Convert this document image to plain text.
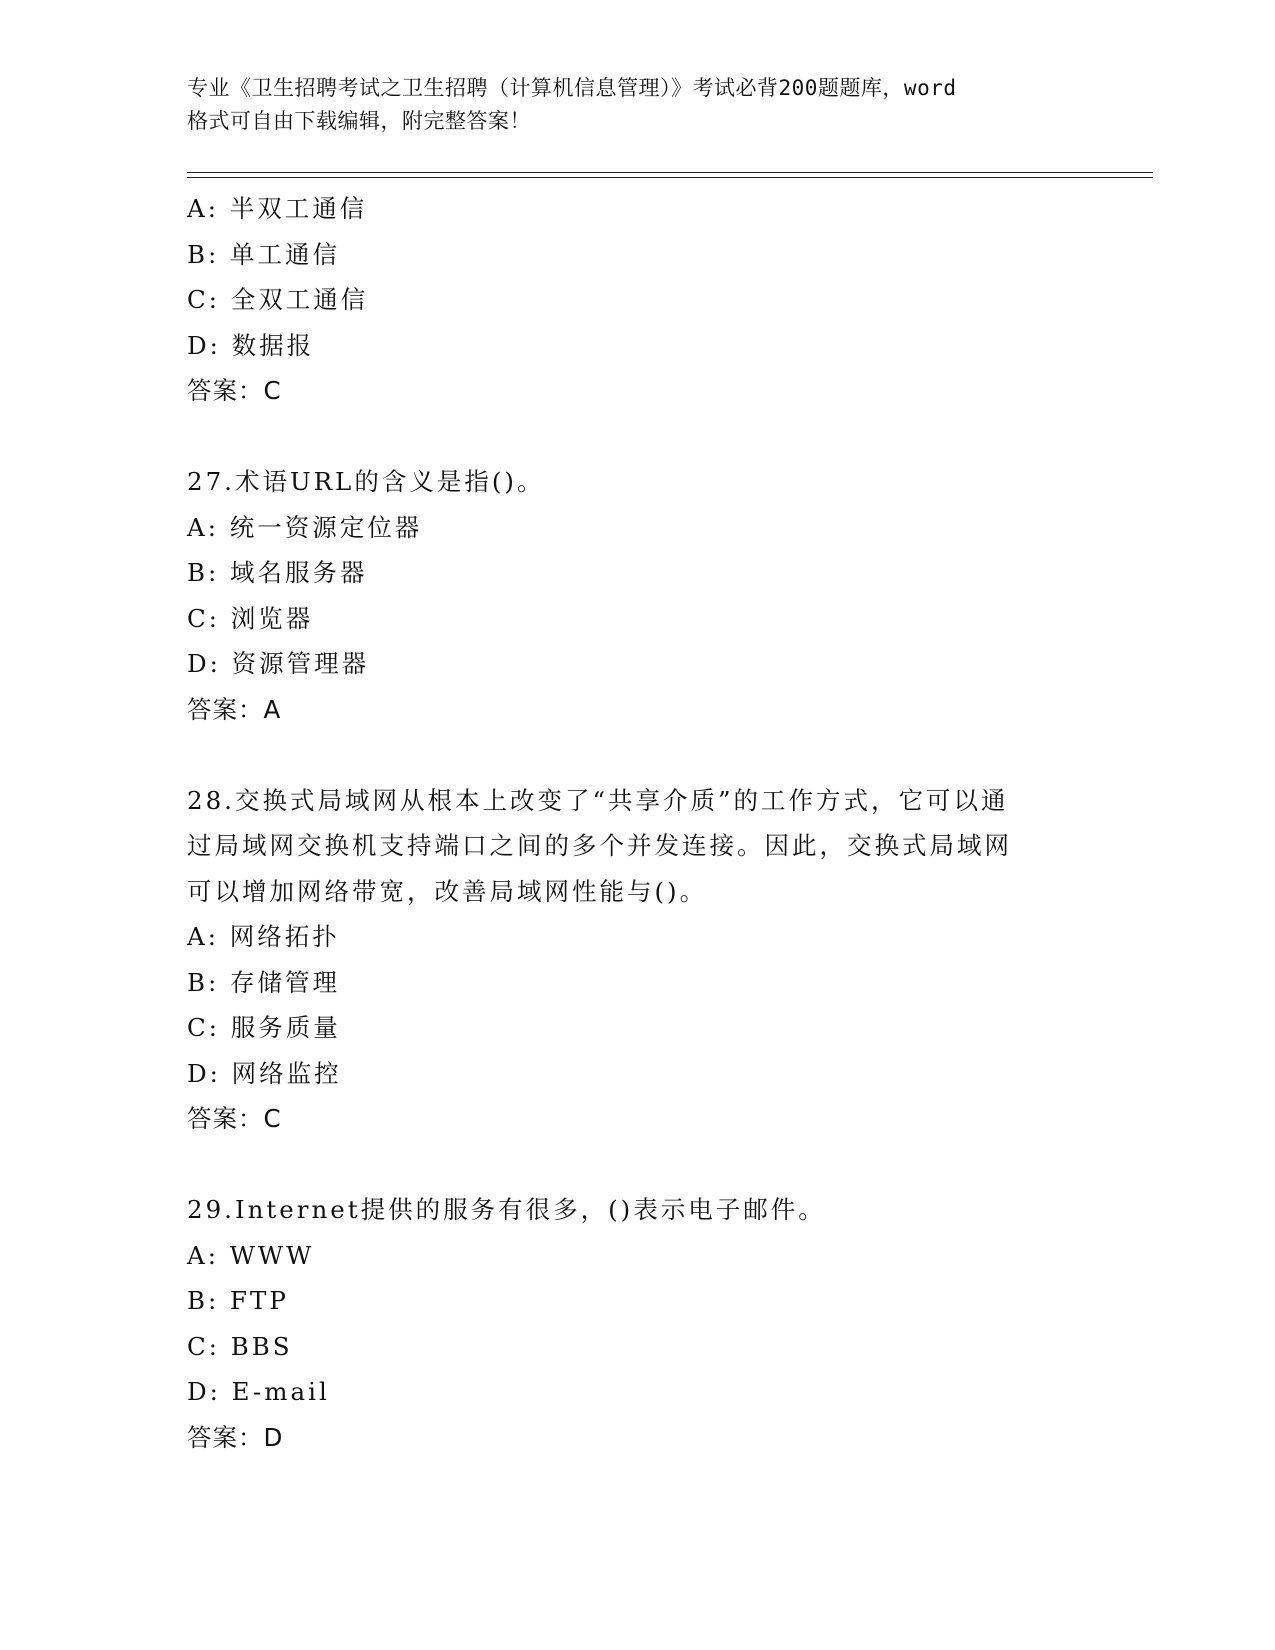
专业《卫生招聘考试之卫生招聘（计算机信息管理）》考试必背200题题库，word
格式可自由下载编辑，附完整答案！
A: 半双工通信
B: 单工通信
C: 全双工通信
D: 数据报
答案：C
27.术语URL的含义是指()。
A: 统一资源定位器
B: 域名服务器
C: 浏览器
D: 资源管理器
答案：A
28.交换式局域网从根本上改变了“共享介质”的工作方式，它可以通
过局域网交换机支持端口之间的多个并发连接。因此，交换式局域网
可以增加网络带宽，改善局域网性能与()。
A: 网络拓扑
B: 存储管理
C: 服务质量
D: 网络监控
答案：C
29.Internet提供的服务有很多，()表示电子邮件。
A: WWW
B: FTP
C: BBS
D: E-mail
答案：D
